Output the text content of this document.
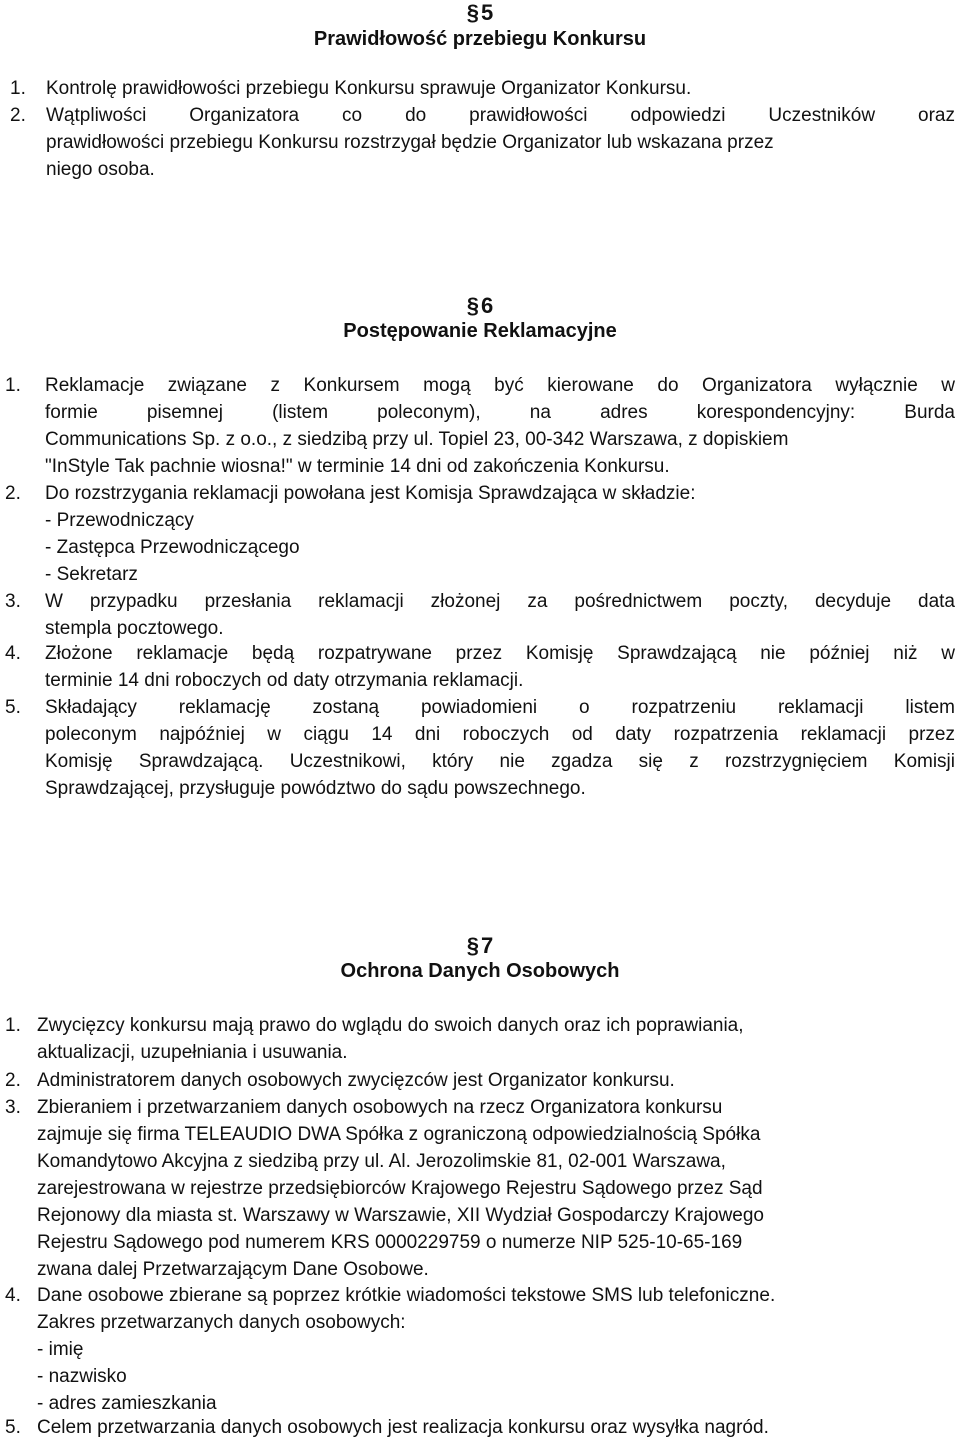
§5
Prawidłowość przebiegu Konkursu
1. Kontrolę prawidłowości przebiegu Konkursu sprawuje Organizator Konkursu.
2. Wątpliwości Organizatora co do prawidłowości odpowiedzi Uczestników oraz
prawidłowości przebiegu Konkursu rozstrzygał będzie Organizator lub wskazana przez
niego osoba.
§6
Postępowanie Reklamacyjne
1. Reklamacje związane z Konkursem mogą być kierowane do Organizatora wyłącznie w
formie pisemnej (listem poleconym), na adres korespondencyjny: Burda
Communications Sp. z o.o., z siedzibą przy ul. Topiel 23, 00-342 Warszawa, z dopiskiem
"InStyle Tak pachnie wiosna!" w terminie 14 dni od zakończenia Konkursu.
2. Do rozstrzygania reklamacji powołana jest Komisja Sprawdzająca w składzie:
- Przewodniczący
- Zastępca Przewodniczącego
- Sekretarz
3. W przypadku przesłania reklamacji złożonej za pośrednictwem poczty, decyduje data
stempla pocztowego.
4. Złożone reklamacje będą rozpatrywane przez Komisję Sprawdzającą nie później niż w
terminie 14 dni roboczych od daty otrzymania reklamacji.
5. Składający reklamację zostaną powiadomieni o rozpatrzeniu reklamacji listem
poleconym najpóźniej w ciągu 14 dni roboczych od daty rozpatrzenia reklamacji przez
Komisję Sprawdzającą. Uczestnikowi, który nie zgadza się z rozstrzygnięciem Komisji
Sprawdzającej, przysługuje powództwo do sądu powszechnego.
§7
Ochrona Danych Osobowych
1. Zwycięzcy konkursu mają prawo do wglądu do swoich danych oraz ich poprawiania,
aktualizacji, uzupełniania i usuwania.
2. Administratorem danych osobowych zwycięzców jest Organizator konkursu.
3. Zbieraniem i przetwarzaniem danych osobowych na rzecz Organizatora konkursu
zajmuje się firma TELEAUDIO DWA Spółka z ograniczoną odpowiedzialnością Spółka
Komandytowo Akcyjna z siedzibą przy ul. Al. Jerozolimskie 81, 02-001 Warszawa,
zarejestrowana w rejestrze przedsiębiorców Krajowego Rejestru Sądowego przez Sąd
Rejonowy dla miasta st. Warszawy w Warszawie, XII Wydział Gospodarczy Krajowego
Rejestru Sądowego pod numerem KRS 0000229759 o numerze NIP 525-10-65-169
zwana dalej Przetwarzającym Dane Osobowe.
4. Dane osobowe zbierane są poprzez krótkie wiadomości tekstowe SMS lub telefoniczne.
Zakres przetwarzanych danych osobowych:
- imię
- nazwisko
- adres zamieszkania
5. Celem przetwarzania danych osobowych jest realizacja konkursu oraz wysyłka nagród.
